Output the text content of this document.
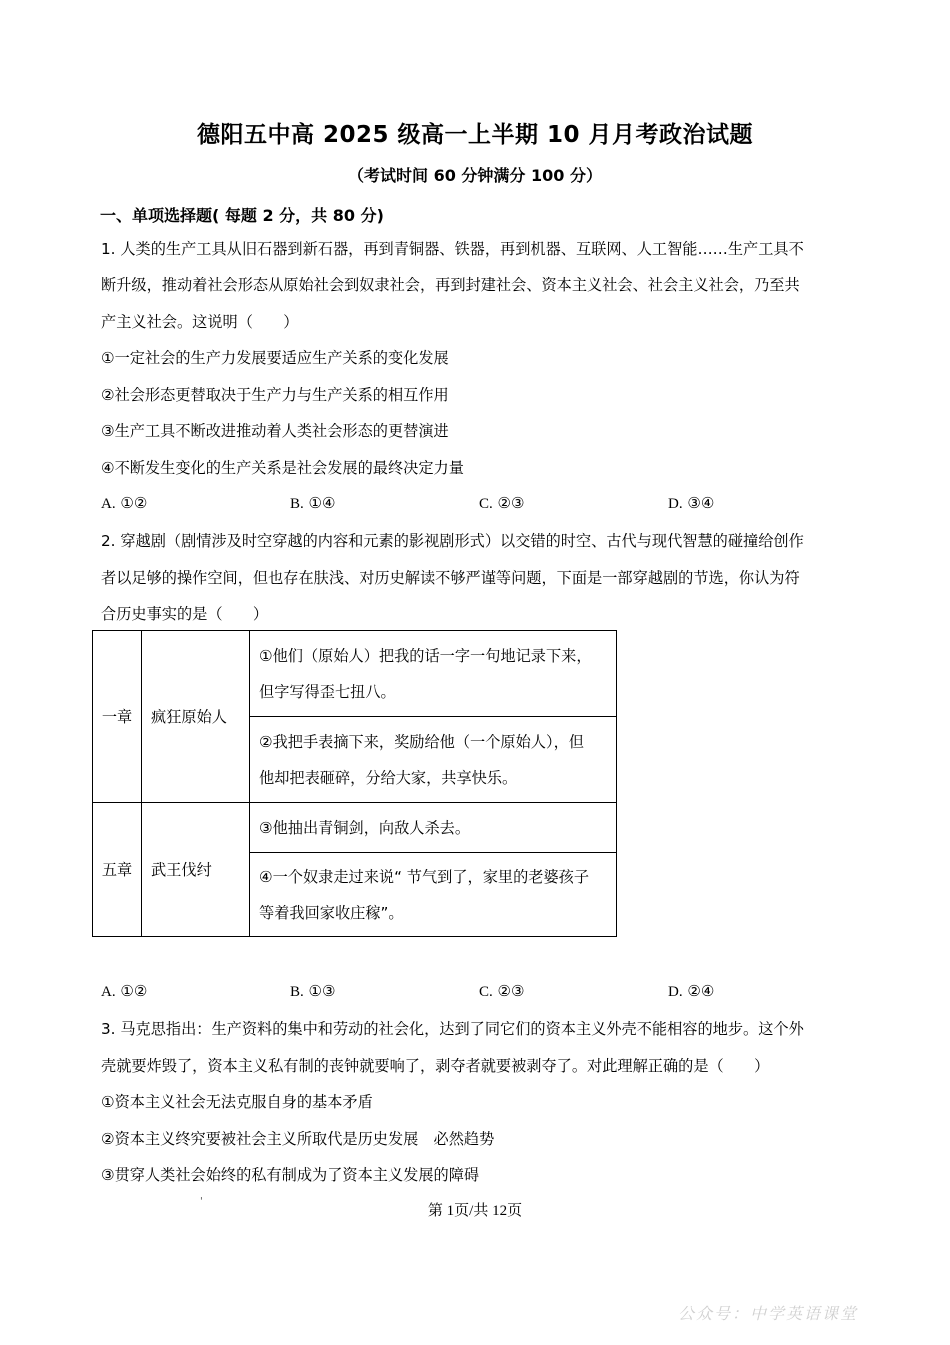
德阳五中高 2025 级高一上半期 10 月月考政治试题
（考试时间 60 分钟满分 100 分）
一、单项选择题( 每题 2 分，共 80 分)
1. 人类的生产工具从旧石器到新石器，再到青铜器、铁器，再到机器、互联网、人工智能……生产工具不
断升级，推动着社会形态从原始社会到奴隶社会，再到封建社会、资本主义社会、社会主义社会，乃至共
产主义社会。这说明（　　）
①一定社会的生产力发展要适应生产关系的变化发展
②社会形态更替取决于生产力与生产关系的相互作用
③生产工具不断改进推动着人类社会形态的更替演进
④不断发生变化的生产关系是社会发展的最终决定力量
A. ①②	B. ①④	C. ②③	D. ③④
2. 穿越剧（剧情涉及时空穿越的内容和元素的影视剧形式）以交错的时空、古代与现代智慧的碰撞给创作
者以足够的操作空间，但也存在肤浅、对历史解读不够严谨等问题，下面是一部穿越剧的节选，你认为符
合历史事实的是（　　）
一章	疯狂原始人	①他们（原始人）把我的话一字一句地记录下来，
但字写得歪七扭八。

		②我把手表摘下来，奖励给他（一个原始人），但
他却把表砸碎，分给大家，共享快乐。

五章	武王伐纣	③他抽出青铜剑，向敌人杀去。

		④一个奴隶走过来说“ 节气到了，家里的老婆孩子
等着我回家收庄稼”。
A. ①②	B. ①③	C. ②③	D. ②④
3. 马克思指出：生产资料的集中和劳动的社会化，达到了同它们的资本主义外壳不能相容的地步。这个外
壳就要炸毁了，资本主义私有制的丧钟就要响了，剥夺者就要被剥夺了。对此理解正确的是（　　）
①资本主义社会无法克服自身的基本矛盾
②资本主义终究要被社会主义所取代是历史发展　必然趋势
③贯穿人类社会始终的私有制成为了资本主义发展的障碍
'
第 1页/共 12页
公众号：中学英语课堂
